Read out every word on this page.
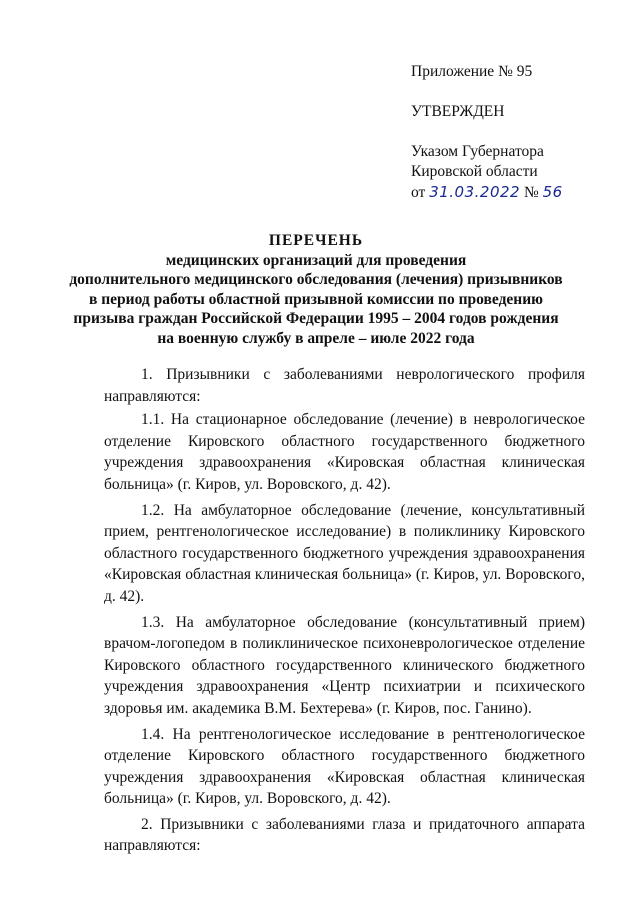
Приложение № 95
УТВЕРЖДЕН
Указом Губернатора
Кировской области
от 31.03.2022 № 56
ПЕРЕЧЕНЬ
медицинских организаций для проведения
дополнительного медицинского обследования (лечения) призывников
в период работы областной призывной комиссии по проведению
призыва граждан Российской Федерации 1995 – 2004 годов рождения
на военную службу в апреле – июле 2022 года

1. Призывники с заболеваниями неврологического профиля направляются:

1.1. На стационарное обследование (лечение) в неврологическое отделение Кировского областного государственного бюджетного учреждения здравоохранения «Кировская областная клиническая больница» (г. Киров, ул. Воровского, д. 42).

1.2. На амбулаторное обследование (лечение, консультативный прием, рентгенологическое исследование) в поликлинику Кировского областного государственного бюджетного учреждения здравоохранения «Кировская областная клиническая больница» (г. Киров, ул. Воровского, д. 42).

1.3. На амбулаторное обследование (консультативный прием) врачом-логопедом в поликлиническое психоневрологическое отделение Кировского областного государственного клинического бюджетного учреждения здравоохранения «Центр психиатрии и психического здоровья им. академика В.М. Бехтерева» (г. Киров, пос. Ганино).

1.4. На рентгенологическое исследование в рентгенологическое отделение Кировского областного государственного бюджетного учреждения здравоохранения «Кировская областная клиническая больница» (г. Киров, ул. Воровского, д. 42).

2. Призывники с заболеваниями глаза и придаточного аппарата направляются:
